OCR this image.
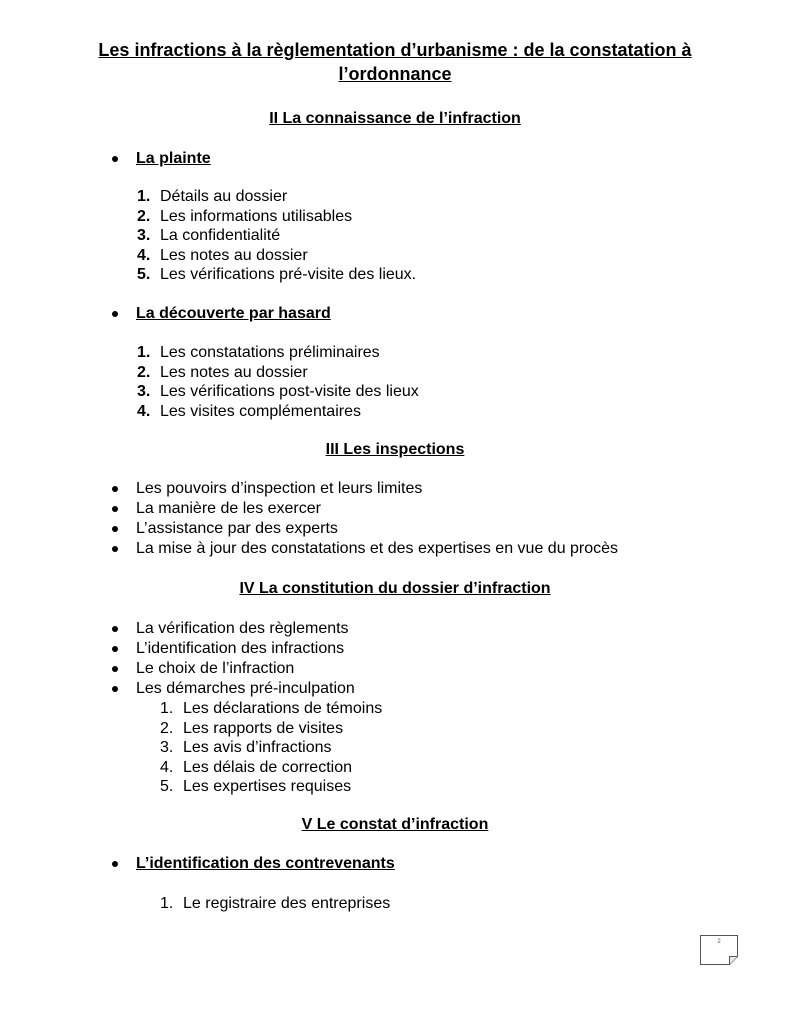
Les infractions à la règlementation d’urbanisme : de la constatation à
l’ordonnance
II La connaissance de l’infraction
La plainte
1. Détails au dossier
2. Les informations utilisables
3. La confidentialité
4. Les notes au dossier
5. Les vérifications pré-visite des lieux.
La découverte par hasard
1. Les constatations préliminaires
2. Les notes au dossier
3. Les vérifications post-visite des lieux
4. Les visites complémentaires
III Les inspections
Les pouvoirs d’inspection et leurs limites
La manière de les exercer
L’assistance par des experts
La mise à jour des constatations et des expertises en vue du procès
IV La constitution du dossier d’infraction
La vérification des règlements
L’identification des infractions
Le choix de l’infraction
Les démarches pré-inculpation
1. Les déclarations de témoins
2. Les rapports de visites
3. Les avis d’infractions
4. Les délais de correction
5. Les expertises requises
V Le constat d’infraction
L’identification des contrevenants
1. Le registraire des entreprises
2
